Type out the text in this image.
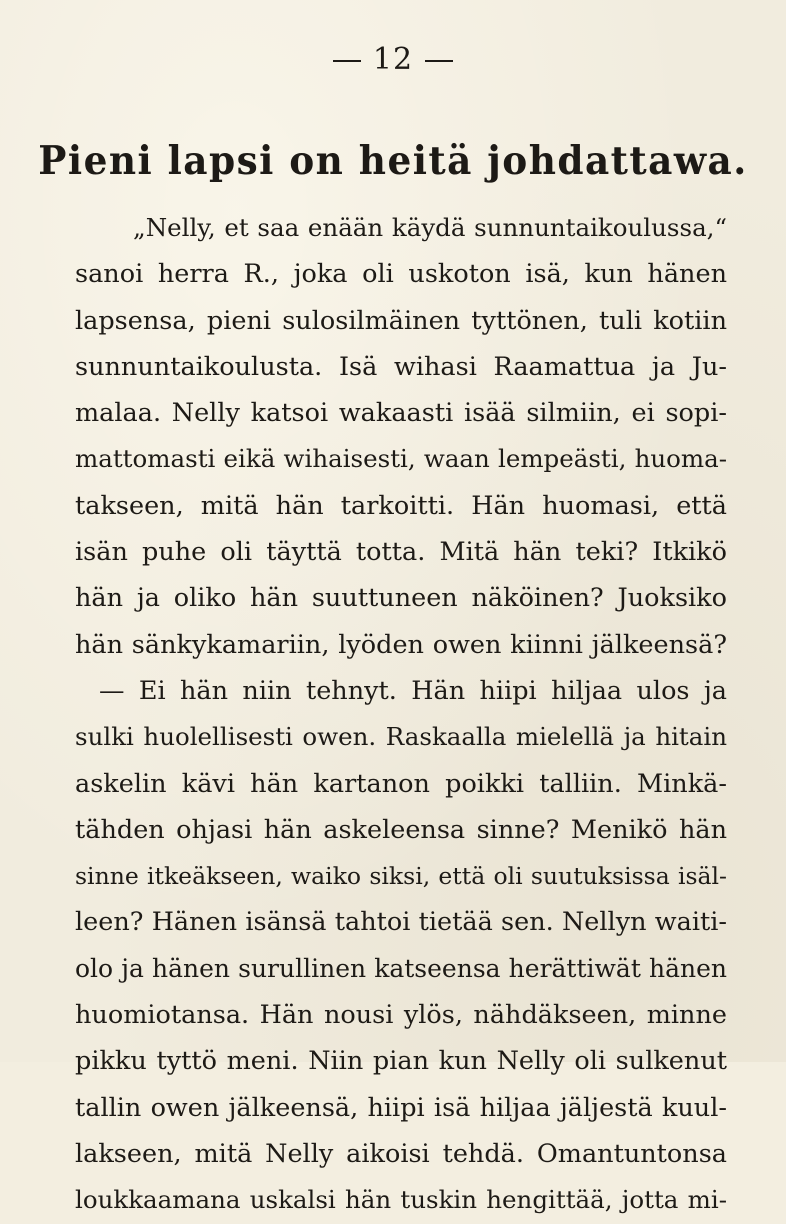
12
Pieni lapsi on heitä johdattawa.
„Nelly, et saa enään käydä sunnuntaikoulussa,“
sanoi herra R., joka oli uskoton isä, kun hänen
lapsensa, pieni sulosilmäinen tyttönen, tuli kotiin
sunnuntaikoulusta. Isä wihasi Raamattua ja Ju-
malaa. Nelly katsoi wakaasti isää silmiin, ei sopi-
mattomasti eikä wihaisesti, waan lempeästi, huoma-
takseen, mitä hän tarkoitti. Hän huomasi, että
isän puhe oli täyttä totta. Mitä hän teki? Itkikö
hän ja oliko hän suuttuneen näköinen? Juoksiko
hän sänkykamariin, lyöden owen kiinni jälkeensä?
— Ei hän niin tehnyt. Hän hiipi hiljaa ulos ja
sulki huolellisesti owen. Raskaalla mielellä ja hitain
askelin kävi hän kartanon poikki talliin. Minkä-
tähden ohjasi hän askeleensa sinne? Menikö hän
sinne itkeäkseen, waiko siksi, että oli suutuksissa isäl-
leen? Hänen isänsä tahtoi tietää sen. Nellyn waiti-
olo ja hänen surullinen katseensa herättiwät hänen
huomiotansa. Hän nousi ylös, nähdäkseen, minne
pikku tyttö meni. Niin pian kun Nelly oli sulkenut
tallin owen jälkeensä, hiipi isä hiljaa jäljestä kuul-
lakseen, mitä Nelly aikoisi tehdä. Omantuntonsa
loukkaamana uskalsi hän tuskin hengittää, jotta mi-
